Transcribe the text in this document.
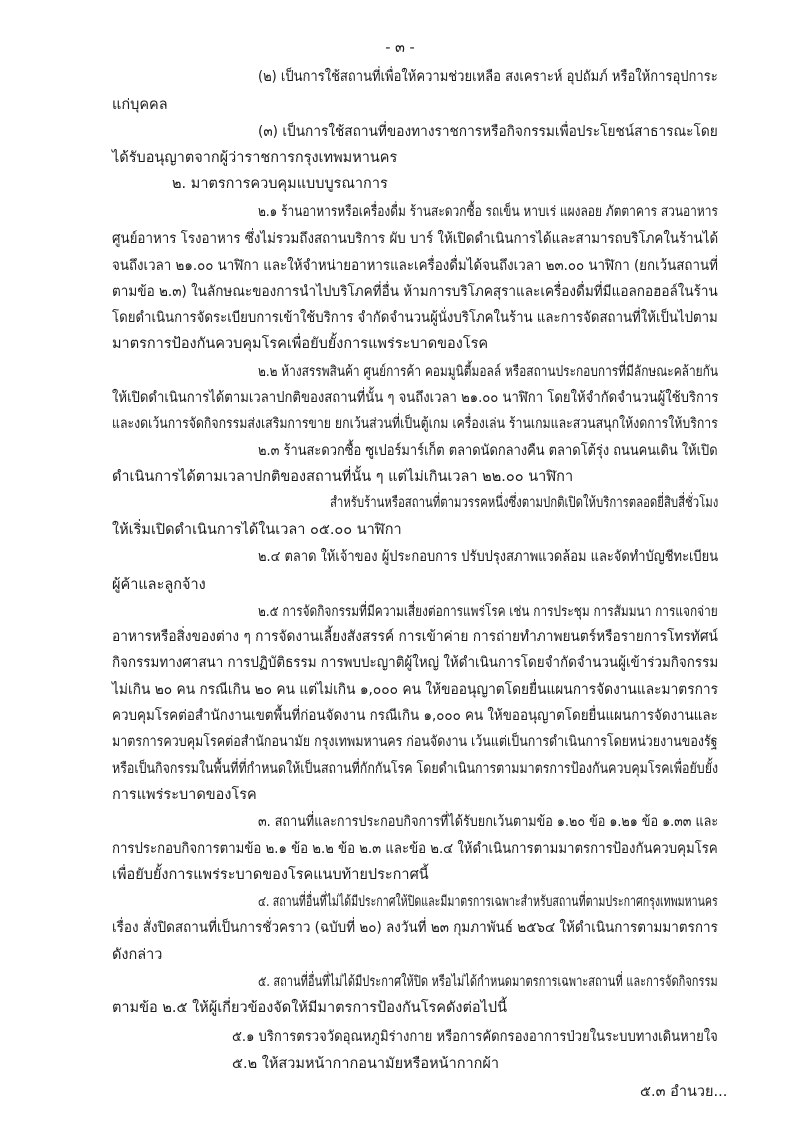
- ๓ -
(๒) เป็นการใช้สถานที่เพื่อให้ความช่วยเหลือ สงเคราะห์ อุปถัมภ์ หรือให้การอุปการะ
แก่บุคคล
(๓) เป็นการใช้สถานที่ของทางราชการหรือกิจกรรมเพื่อประโยชน์สาธารณะโดย
ได้รับอนุญาตจากผู้ว่าราชการกรุงเทพมหานคร
๒. มาตรการควบคุมแบบบูรณาการ
๒.๑ ร้านอาหารหรือเครื่องดื่ม ร้านสะดวกซื้อ รถเข็น หาบเร่ แผงลอย ภัตตาคาร สวนอาหาร
ศูนย์อาหาร โรงอาหาร ซึ่งไม่รวมถึงสถานบริการ ผับ บาร์ ให้เปิดดำเนินการได้และสามารถบริโภคในร้านได้
จนถึงเวลา ๒๑.๐๐ นาฬิกา และให้จำหน่ายอาหารและเครื่องดื่มได้จนถึงเวลา ๒๓.๐๐ นาฬิกา (ยกเว้นสถานที่
ตามข้อ ๒.๓) ในลักษณะของการนำไปบริโภคที่อื่น ห้ามการบริโภคสุราและเครื่องดื่มที่มีแอลกอฮอล์ในร้าน
โดยดำเนินการจัดระเบียบการเข้าใช้บริการ จำกัดจำนวนผู้นั่งบริโภคในร้าน และการจัดสถานที่ให้เป็นไปตาม
มาตรการป้องกันควบคุมโรคเพื่อยับยั้งการแพร่ระบาดของโรค
๒.๒ ห้างสรรพสินค้า ศูนย์การค้า คอมมูนิตี้มอลล์ หรือสถานประกอบการที่มีลักษณะคล้ายกัน
ให้เปิดดำเนินการได้ตามเวลาปกติของสถานที่นั้น ๆ จนถึงเวลา ๒๑.๐๐ นาฬิกา โดยให้จำกัดจำนวนผู้ใช้บริการ
และงดเว้นการจัดกิจกรรมส่งเสริมการขาย ยกเว้นส่วนที่เป็นตู้เกม เครื่องเล่น ร้านเกมและสวนสนุกให้งดการให้บริการ
๒.๓ ร้านสะดวกซื้อ ซูเปอร์มาร์เก็ต ตลาดนัดกลางคืน ตลาดโต้รุ่ง ถนนคนเดิน ให้เปิด
ดำเนินการได้ตามเวลาปกติของสถานที่นั้น ๆ แต่ไม่เกินเวลา ๒๒.๐๐ นาฬิกา
สำหรับร้านหรือสถานที่ตามวรรคหนึ่งซึ่งตามปกติเปิดให้บริการตลอดยี่สิบสี่ชั่วโมง
ให้เริ่มเปิดดำเนินการได้ในเวลา ๐๕.๐๐ นาฬิกา
๒.๔ ตลาด ให้เจ้าของ ผู้ประกอบการ ปรับปรุงสภาพแวดล้อม และจัดทำบัญชีทะเบียน
ผู้ค้าและลูกจ้าง
๒.๕ การจัดกิจกรรมที่มีความเสี่ยงต่อการแพร่โรค เช่น การประชุม การสัมมนา การแจกจ่าย
อาหารหรือสิ่งของต่าง ๆ การจัดงานเลี้ยงสังสรรค์ การเข้าค่าย การถ่ายทำภาพยนตร์หรือรายการโทรทัศน์
กิจกรรมทางศาสนา การปฏิบัติธรรม การพบปะญาติผู้ใหญ่ ให้ดำเนินการโดยจำกัดจำนวนผู้เข้าร่วมกิจกรรม
ไม่เกิน ๒๐ คน กรณีเกิน ๒๐ คน แต่ไม่เกิน ๑,๐๐๐ คน ให้ขออนุญาตโดยยื่นแผนการจัดงานและมาตรการ
ควบคุมโรคต่อสำนักงานเขตพื้นที่ก่อนจัดงาน กรณีเกิน ๑,๐๐๐ คน ให้ขออนุญาตโดยยื่นแผนการจัดงานและ
มาตรการควบคุมโรคต่อสำนักอนามัย กรุงเทพมหานคร ก่อนจัดงาน เว้นแต่เป็นการดำเนินการโดยหน่วยงานของรัฐ
หรือเป็นกิจกรรมในพื้นที่ที่กำหนดให้เป็นสถานที่กักกันโรค โดยดำเนินการตามมาตรการป้องกันควบคุมโรคเพื่อยับยั้ง
การแพร่ระบาดของโรค
๓. สถานที่และการประกอบกิจการที่ได้รับยกเว้นตามข้อ ๑.๒๐ ข้อ ๑.๒๑ ข้อ ๑.๓๓ และ
การประกอบกิจการตามข้อ ๒.๑ ข้อ ๒.๒ ข้อ ๒.๓ และข้อ ๒.๔ ให้ดำเนินการตามมาตรการป้องกันควบคุมโรค
เพื่อยับยั้งการแพร่ระบาดของโรคแนบท้ายประกาศนี้
๔. สถานที่อื่นที่ไม่ได้มีประกาศให้ปิดและมีมาตรการเฉพาะสำหรับสถานที่ตามประกาศกรุงเทพมหานคร
เรื่อง สั่งปิดสถานที่เป็นการชั่วคราว (ฉบับที่ ๒๐) ลงวันที่ ๒๓ กุมภาพันธ์ ๒๕๖๔ ให้ดำเนินการตามมาตรการ
ดังกล่าว
๕. สถานที่อื่นที่ไม่ได้มีประกาศให้ปิด หรือไม่ได้กำหนดมาตรการเฉพาะสถานที่ และการจัดกิจกรรม
ตามข้อ ๒.๕ ให้ผู้เกี่ยวข้องจัดให้มีมาตรการป้องกันโรคดังต่อไปนี้
๕.๑ บริการตรวจวัดอุณหภูมิร่างกาย หรือการคัดกรองอาการป่วยในระบบทางเดินหายใจ
๕.๒ ให้สวมหน้ากากอนามัยหรือหน้ากากผ้า
๕.๓ อำนวย...
